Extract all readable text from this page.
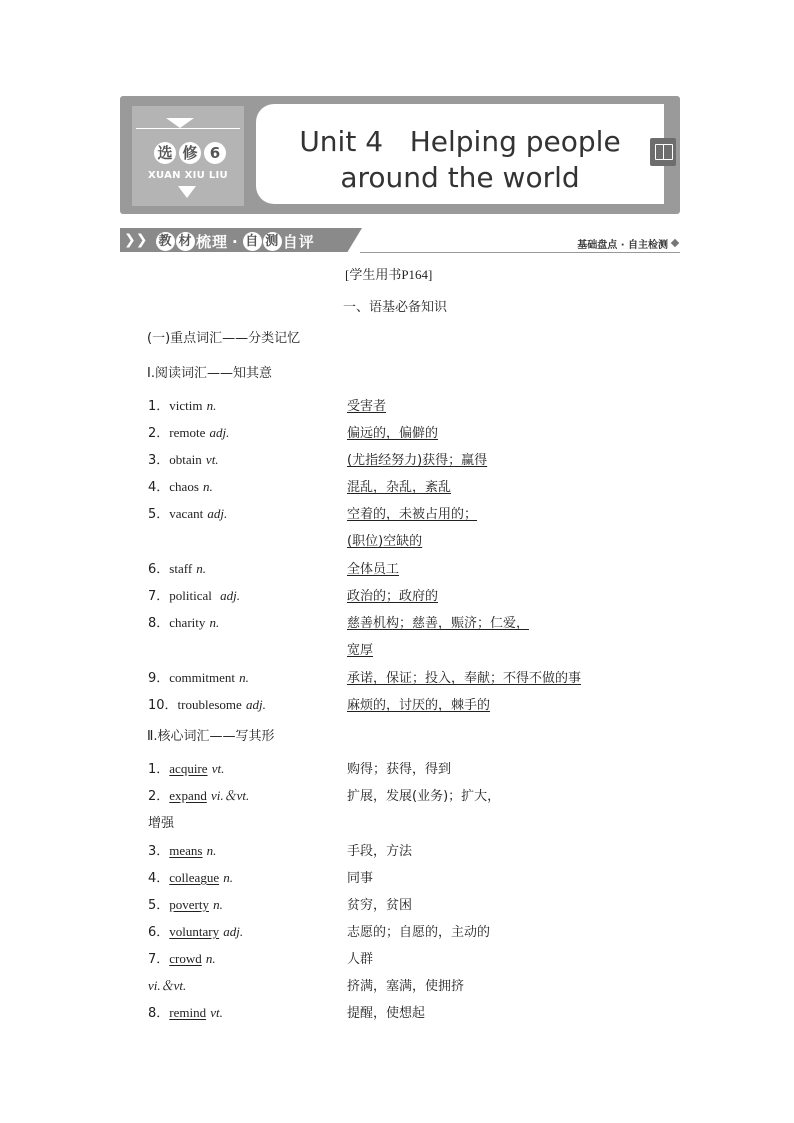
选 修 6
XUAN XIU LIU
Unit 4   Helping people
around the world
❯❯ 教 材 梳理 · 自 测 自评	基础盘点 · 自主检测
[学生用书P164]
一、语基必备知识
(一)重点词汇——分类记忆
Ⅰ.阅读词汇——知其意
1．victim n.	受害者
2．remote adj.	偏远的，偏僻的
3．obtain vt.	(尤指经努力)获得；赢得
4．chaos n.	混乱，杂乱，紊乱
5．vacant adj.	空着的，未被占用的；
(职位)空缺的
6．staff n.	全体员工
7．political adj.	政治的；政府的
8．charity n.	慈善机构；慈善，赈济；仁爱，
宽厚
9．commitment n.	承诺，保证；投入，奉献；不得不做的事
10．troublesome adj.	麻烦的，讨厌的，棘手的
Ⅱ.核心词汇——写其形
1．acquire vt.	购得；获得，得到
2．expand vi.＆vt.	扩展，发展(业务)；扩大，
增强
3．means n.	手段，方法
4．colleague n.	同事
5．poverty n.	贫穷，贫困
6．voluntary adj.	志愿的；自愿的，主动的
7．crowd n.	人群
vi.＆vt.	挤满，塞满，使拥挤
8．remind vt.	提醒，使想起
